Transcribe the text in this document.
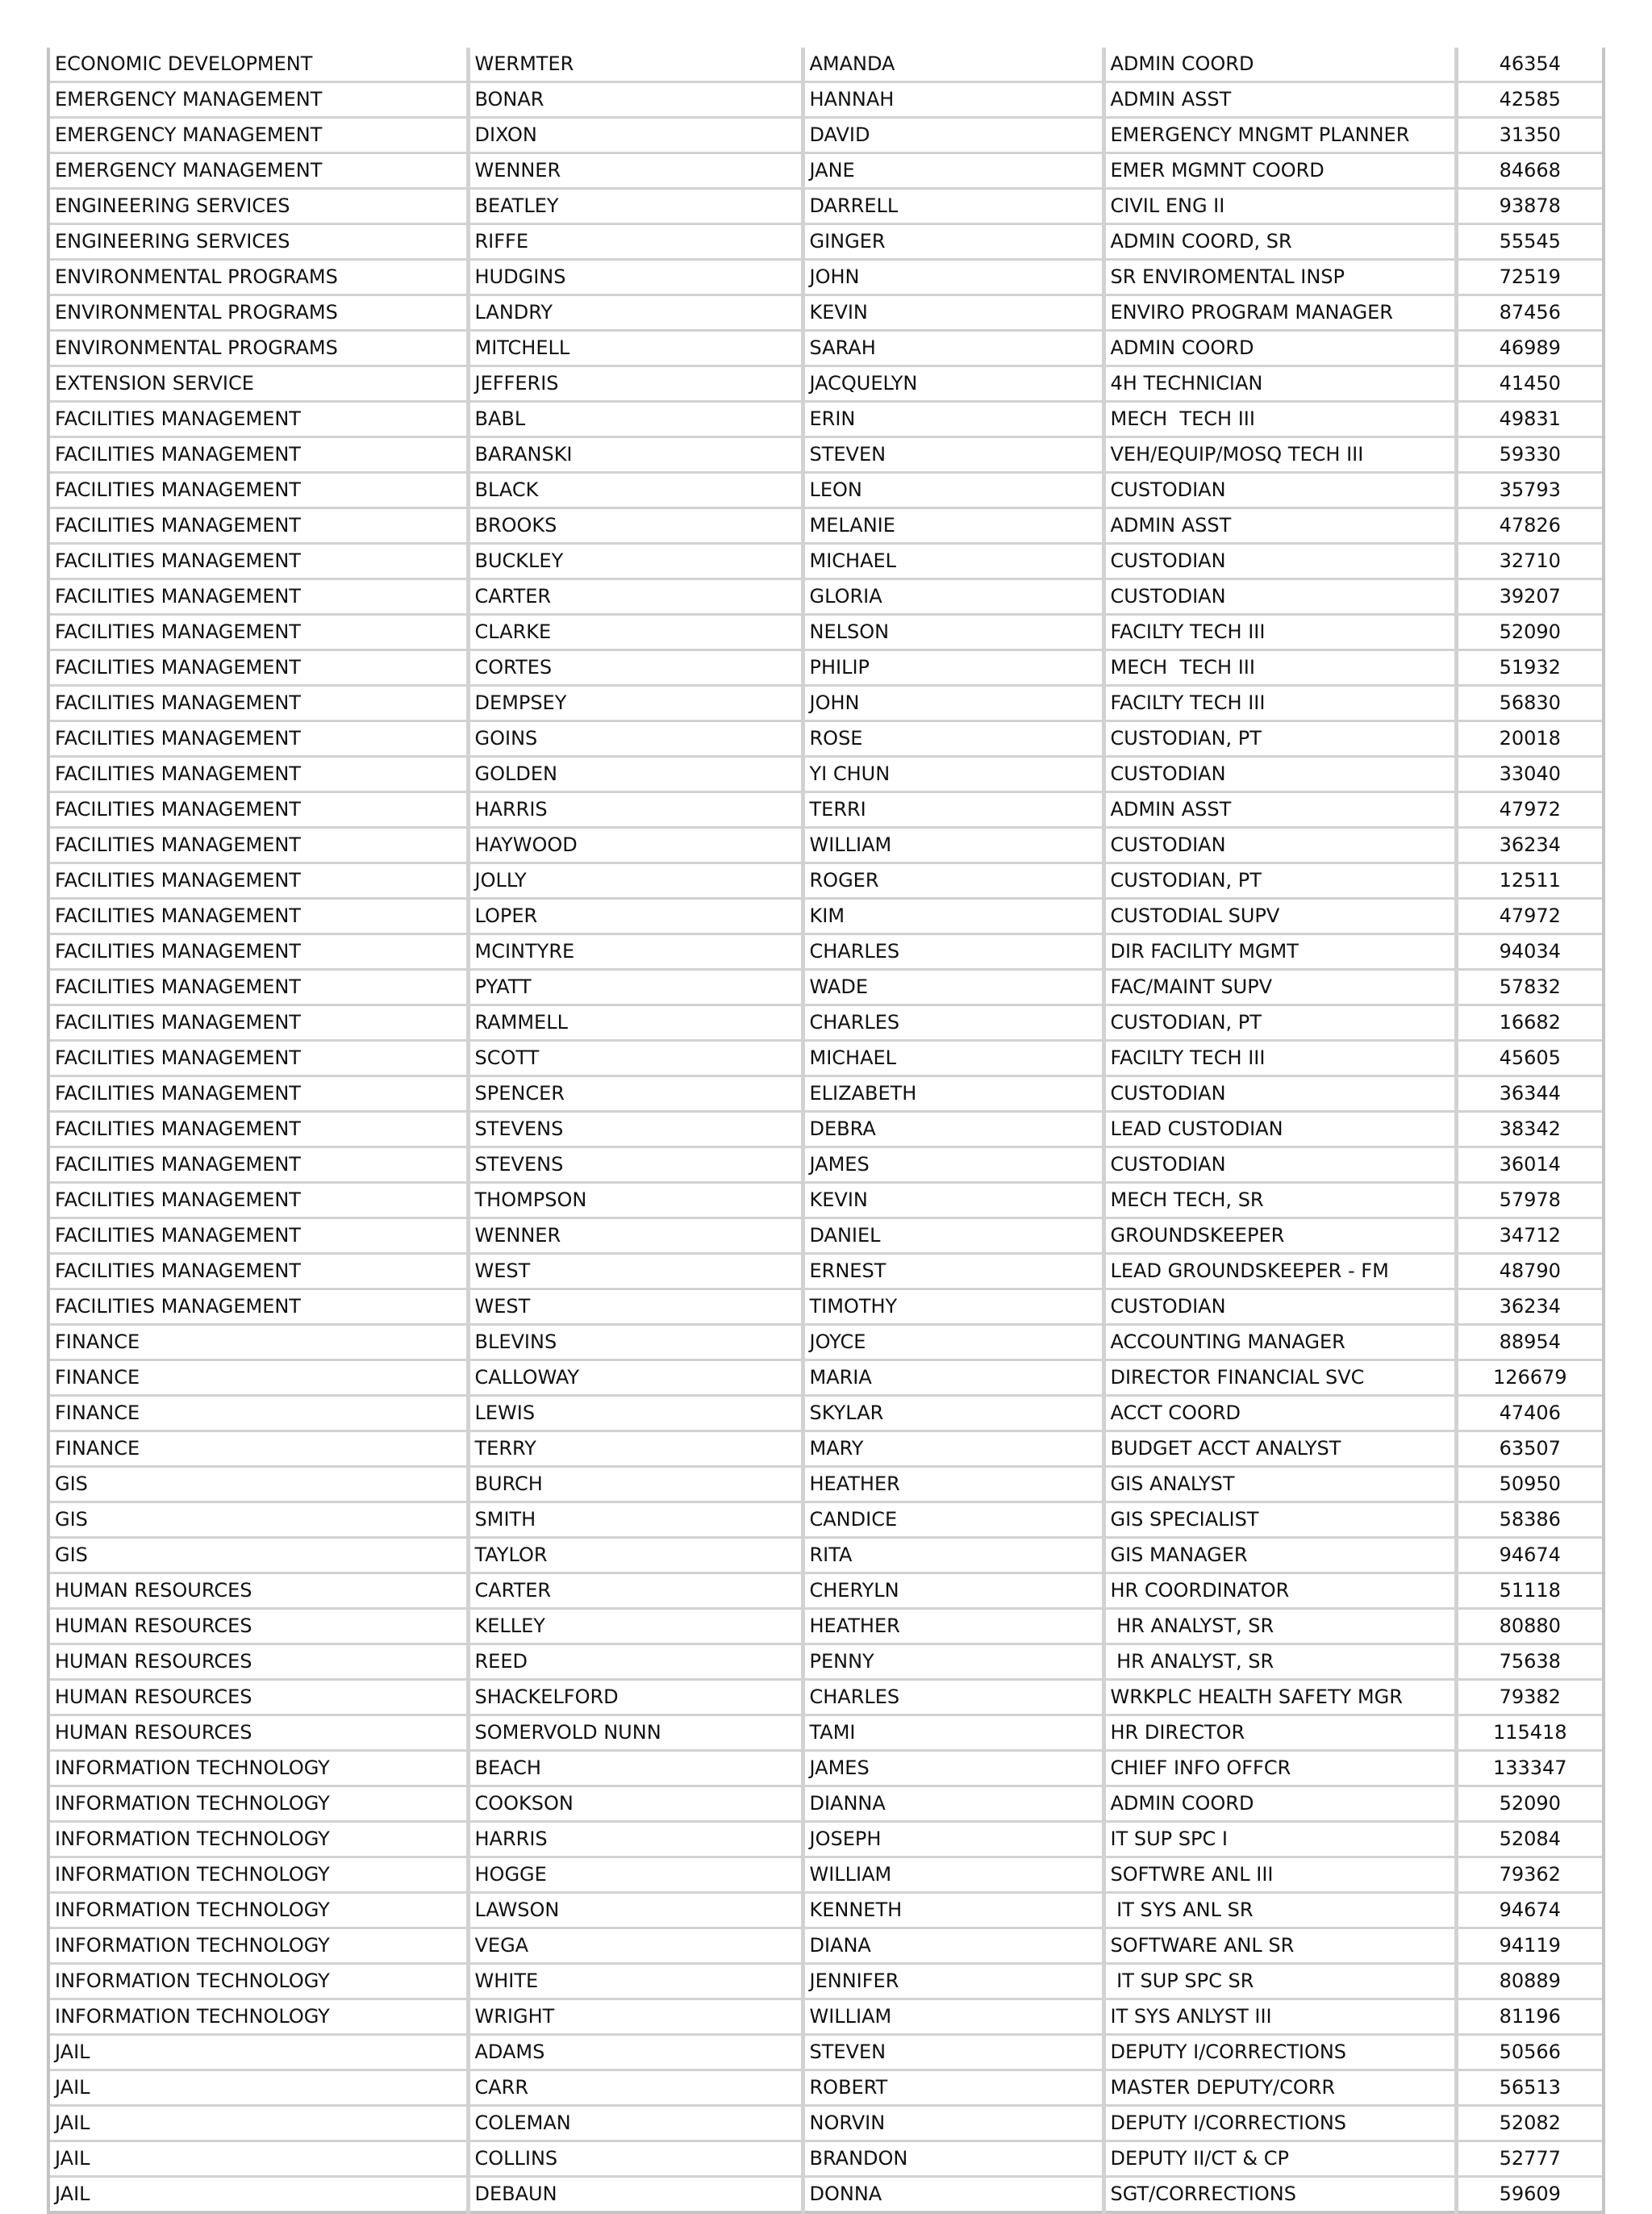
ECONOMIC DEVELOPMENT	WERMTER	AMANDA	ADMIN COORD	46354
EMERGENCY MANAGEMENT	BONAR	HANNAH	ADMIN ASST	42585
EMERGENCY MANAGEMENT	DIXON	DAVID	EMERGENCY MNGMT PLANNER	31350
EMERGENCY MANAGEMENT	WENNER	JANE	EMER MGMNT COORD	84668
ENGINEERING SERVICES	BEATLEY	DARRELL	CIVIL ENG II	93878
ENGINEERING SERVICES	RIFFE	GINGER	ADMIN COORD, SR	55545
ENVIRONMENTAL PROGRAMS	HUDGINS	JOHN	SR ENVIROMENTAL INSP	72519
ENVIRONMENTAL PROGRAMS	LANDRY	KEVIN	ENVIRO PROGRAM MANAGER	87456
ENVIRONMENTAL PROGRAMS	MITCHELL	SARAH	ADMIN COORD	46989
EXTENSION SERVICE	JEFFERIS	JACQUELYN	4H TECHNICIAN	41450
FACILITIES MANAGEMENT	BABL	ERIN	MECH  TECH III	49831
FACILITIES MANAGEMENT	BARANSKI	STEVEN	VEH/EQUIP/MOSQ TECH III	59330
FACILITIES MANAGEMENT	BLACK	LEON	CUSTODIAN	35793
FACILITIES MANAGEMENT	BROOKS	MELANIE	ADMIN ASST	47826
FACILITIES MANAGEMENT	BUCKLEY	MICHAEL	CUSTODIAN	32710
FACILITIES MANAGEMENT	CARTER	GLORIA	CUSTODIAN	39207
FACILITIES MANAGEMENT	CLARKE	NELSON	FACILTY TECH III	52090
FACILITIES MANAGEMENT	CORTES	PHILIP	MECH  TECH III	51932
FACILITIES MANAGEMENT	DEMPSEY	JOHN	FACILTY TECH III	56830
FACILITIES MANAGEMENT	GOINS	ROSE	CUSTODIAN, PT	20018
FACILITIES MANAGEMENT	GOLDEN	YI CHUN	CUSTODIAN	33040
FACILITIES MANAGEMENT	HARRIS	TERRI	ADMIN ASST	47972
FACILITIES MANAGEMENT	HAYWOOD	WILLIAM	CUSTODIAN	36234
FACILITIES MANAGEMENT	JOLLY	ROGER	CUSTODIAN, PT	12511
FACILITIES MANAGEMENT	LOPER	KIM	CUSTODIAL SUPV	47972
FACILITIES MANAGEMENT	MCINTYRE	CHARLES	DIR FACILITY MGMT	94034
FACILITIES MANAGEMENT	PYATT	WADE	FAC/MAINT SUPV	57832
FACILITIES MANAGEMENT	RAMMELL	CHARLES	CUSTODIAN, PT	16682
FACILITIES MANAGEMENT	SCOTT	MICHAEL	FACILTY TECH III	45605
FACILITIES MANAGEMENT	SPENCER	ELIZABETH	CUSTODIAN	36344
FACILITIES MANAGEMENT	STEVENS	DEBRA	LEAD CUSTODIAN	38342
FACILITIES MANAGEMENT	STEVENS	JAMES	CUSTODIAN	36014
FACILITIES MANAGEMENT	THOMPSON	KEVIN	MECH TECH, SR	57978
FACILITIES MANAGEMENT	WENNER	DANIEL	GROUNDSKEEPER	34712
FACILITIES MANAGEMENT	WEST	ERNEST	LEAD GROUNDSKEEPER - FM	48790
FACILITIES MANAGEMENT	WEST	TIMOTHY	CUSTODIAN	36234
FINANCE	BLEVINS	JOYCE	ACCOUNTING MANAGER	88954
FINANCE	CALLOWAY	MARIA	DIRECTOR FINANCIAL SVC	126679
FINANCE	LEWIS	SKYLAR	ACCT COORD	47406
FINANCE	TERRY	MARY	BUDGET ACCT ANALYST	63507
GIS	BURCH	HEATHER	GIS ANALYST	50950
GIS	SMITH	CANDICE	GIS SPECIALIST	58386
GIS	TAYLOR	RITA	GIS MANAGER	94674
HUMAN RESOURCES	CARTER	CHERYLN	HR COORDINATOR	51118
HUMAN RESOURCES	KELLEY	HEATHER	HR ANALYST, SR	80880
HUMAN RESOURCES	REED	PENNY	HR ANALYST, SR	75638
HUMAN RESOURCES	SHACKELFORD	CHARLES	WRKPLC HEALTH SAFETY MGR	79382
HUMAN RESOURCES	SOMERVOLD NUNN	TAMI	HR DIRECTOR	115418
INFORMATION TECHNOLOGY	BEACH	JAMES	CHIEF INFO OFFCR	133347
INFORMATION TECHNOLOGY	COOKSON	DIANNA	ADMIN COORD	52090
INFORMATION TECHNOLOGY	HARRIS	JOSEPH	IT SUP SPC I	52084
INFORMATION TECHNOLOGY	HOGGE	WILLIAM	SOFTWRE ANL III	79362
INFORMATION TECHNOLOGY	LAWSON	KENNETH	IT SYS ANL SR	94674
INFORMATION TECHNOLOGY	VEGA	DIANA	SOFTWARE ANL SR	94119
INFORMATION TECHNOLOGY	WHITE	JENNIFER	IT SUP SPC SR	80889
INFORMATION TECHNOLOGY	WRIGHT	WILLIAM	IT SYS ANLYST III	81196
JAIL	ADAMS	STEVEN	DEPUTY I/CORRECTIONS	50566
JAIL	CARR	ROBERT	MASTER DEPUTY/CORR	56513
JAIL	COLEMAN	NORVIN	DEPUTY I/CORRECTIONS	52082
JAIL	COLLINS	BRANDON	DEPUTY II/CT & CP	52777
JAIL	DEBAUN	DONNA	SGT/CORRECTIONS	59609
